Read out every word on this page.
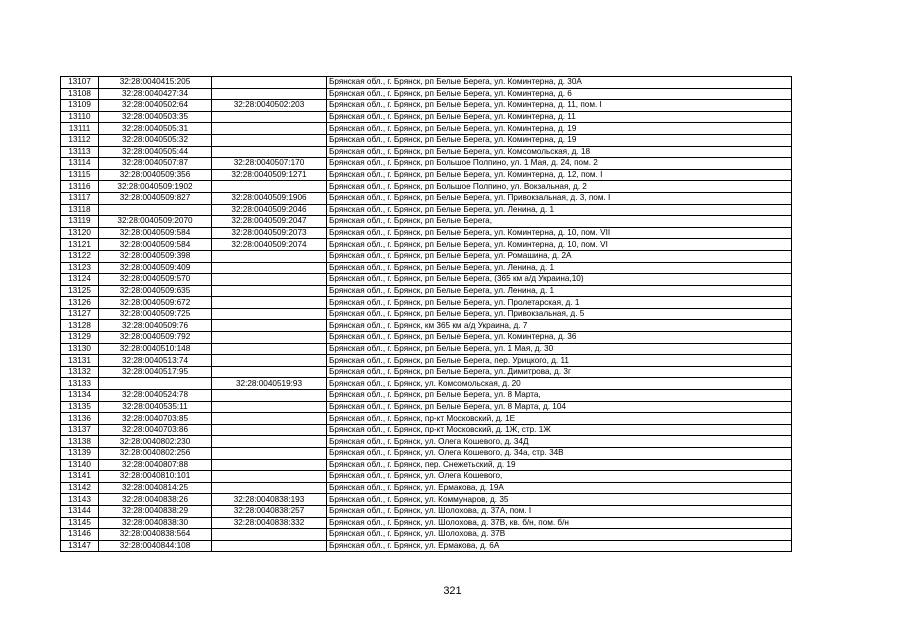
13107	32:28:0040415:205		Брянская обл., г. Брянск, рп Белые Берега, ул. Коминтерна, д. 30А
13108	32:28:0040427:34		Брянская обл., г. Брянск, рп Белые Берега, ул. Коминтерна, д. 6
13109	32:28:0040502:64	32:28:0040502:203	Брянская обл., г. Брянск, рп Белые Берега, ул. Коминтерна, д. 11, пом. I
13110	32:28:0040503:35		Брянская обл., г. Брянск, рп Белые Берега, ул. Коминтерна, д. 11
13111	32:28:0040505:31		Брянская обл., г. Брянск, рп Белые Берега, ул. Коминтерна, д. 19
13112	32:28:0040505:32		Брянская обл., г. Брянск, рп Белые Берега, ул. Коминтерна, д. 19
13113	32:28:0040505:44		Брянская обл., г. Брянск, рп Белые Берега, ул. Комсомольская, д. 18
13114	32:28:0040507:87	32:28:0040507:170	Брянская обл., г. Брянск, рп Большое Полпино, ул. 1 Мая, д. 24, пом. 2
13115	32:28:0040509:356	32:28:0040509:1271	Брянская обл., г. Брянск, рп Белые Берега, ул. Коминтерна, д. 12, пом. I
13116	32:28:0040509:1902		Брянская обл., г. Брянск, рп Большое Полпино, ул. Вокзальная, д. 2
13117	32:28:0040509:827	32:28:0040509:1906	Брянская обл., г. Брянск, рп Белые Берега, ул. Привокзальная, д. 3, пом. I
13118		32:28:0040509:2046	Брянская обл., г. Брянск, рп Белые Берега, ул. Ленина, д. 1
13119	32:28:0040509:2070	32:28:0040509:2047	Брянская обл., г. Брянск, рп Белые Берега,
13120	32:28:0040509:584	32:28:0040509:2073	Брянская обл., г. Брянск, рп Белые Берега, ул. Коминтерна, д. 10, пом. VII
13121	32:28:0040509:584	32:28:0040509:2074	Брянская обл., г. Брянск, рп Белые Берега, ул. Коминтерна, д. 10, пом. VI
13122	32:28:0040509:398		Брянская обл., г. Брянск, рп Белые Берега, ул. Ромашина, д. 2А
13123	32:28:0040509:409		Брянская обл., г. Брянск, рп Белые Берега, ул. Ленина, д. 1
13124	32:28:0040509:570		Брянская обл., г. Брянск, рп Белые Берега, (365 км а/д Украина,10)
13125	32:28:0040509:635		Брянская обл., г. Брянск, рп Белые Берега, ул. Ленина, д. 1
13126	32:28:0040509:672		Брянская обл., г. Брянск, рп Белые Берега, ул. Пролетарская, д. 1
13127	32:28:0040509:725		Брянская обл., г. Брянск, рп Белые Берега, ул. Привокзальная, д. 5
13128	32:28:0040509:76		Брянская обл., г. Брянск, км 365 км а/д Украина, д. 7
13129	32:28:0040509:792		Брянская обл., г. Брянск, рп Белые Берега, ул. Коминтерна, д. 36
13130	32:28:0040510:148		Брянская обл., г. Брянск, рп Белые Берега, ул. 1 Мая, д. 30
13131	32:28:0040513:74		Брянская обл., г. Брянск, рп Белые Берега, пер. Урицкого, д. 11
13132	32:28:0040517:95		Брянская обл., г. Брянск, рп Белые Берега, ул. Димитрова, д. 3г
13133		32:28:0040519:93	Брянская обл., г. Брянск, ул. Комсомольская, д. 20
13134	32:28:0040524:78		Брянская обл., г. Брянск, рп Белые Берега, ул. 8 Марта,
13135	32:28:0040535:11		Брянская обл., г. Брянск, рп Белые Берега, ул. 8 Марта, д. 104
13136	32:28:0040703:85		Брянская обл., г. Брянск, пр-кт Московский, д. 1Е
13137	32:28:0040703:86		Брянская обл., г. Брянск, пр-кт Московский, д. 1Ж, стр. 1Ж
13138	32:28:0040802:230		Брянская обл., г. Брянск, ул. Олега Кошевого, д. 34Д
13139	32:28:0040802:256		Брянская обл., г. Брянск, ул. Олега Кошевого, д. 34а, стр. 34В
13140	32:28:0040807:88		Брянская обл., г. Брянск, пер. Снежетьский, д. 19
13141	32:28:0040810:101		Брянская обл., г. Брянск, ул. Олега Кошевого,
13142	32:28:0040814:25		Брянская обл., г. Брянск, ул. Ермакова, д. 19А
13143	32:28:0040838:26	32:28:0040838:193	Брянская обл., г. Брянск, ул. Коммунаров, д. 35
13144	32:28:0040838:29	32:28:0040838:257	Брянская обл., г. Брянск, ул. Шолохова, д. 37А, пом. I
13145	32:28:0040838:30	32:28:0040838:332	Брянская обл., г. Брянск, ул. Шолохова, д. 37В, кв. б/н, пом. б/н
13146	32:28:0040838:564		Брянская обл., г. Брянск, ул. Шолохова, д. 37В
13147	32:28:0040844:108		Брянская обл., г. Брянск, ул. Ермакова, д. 6А
321
